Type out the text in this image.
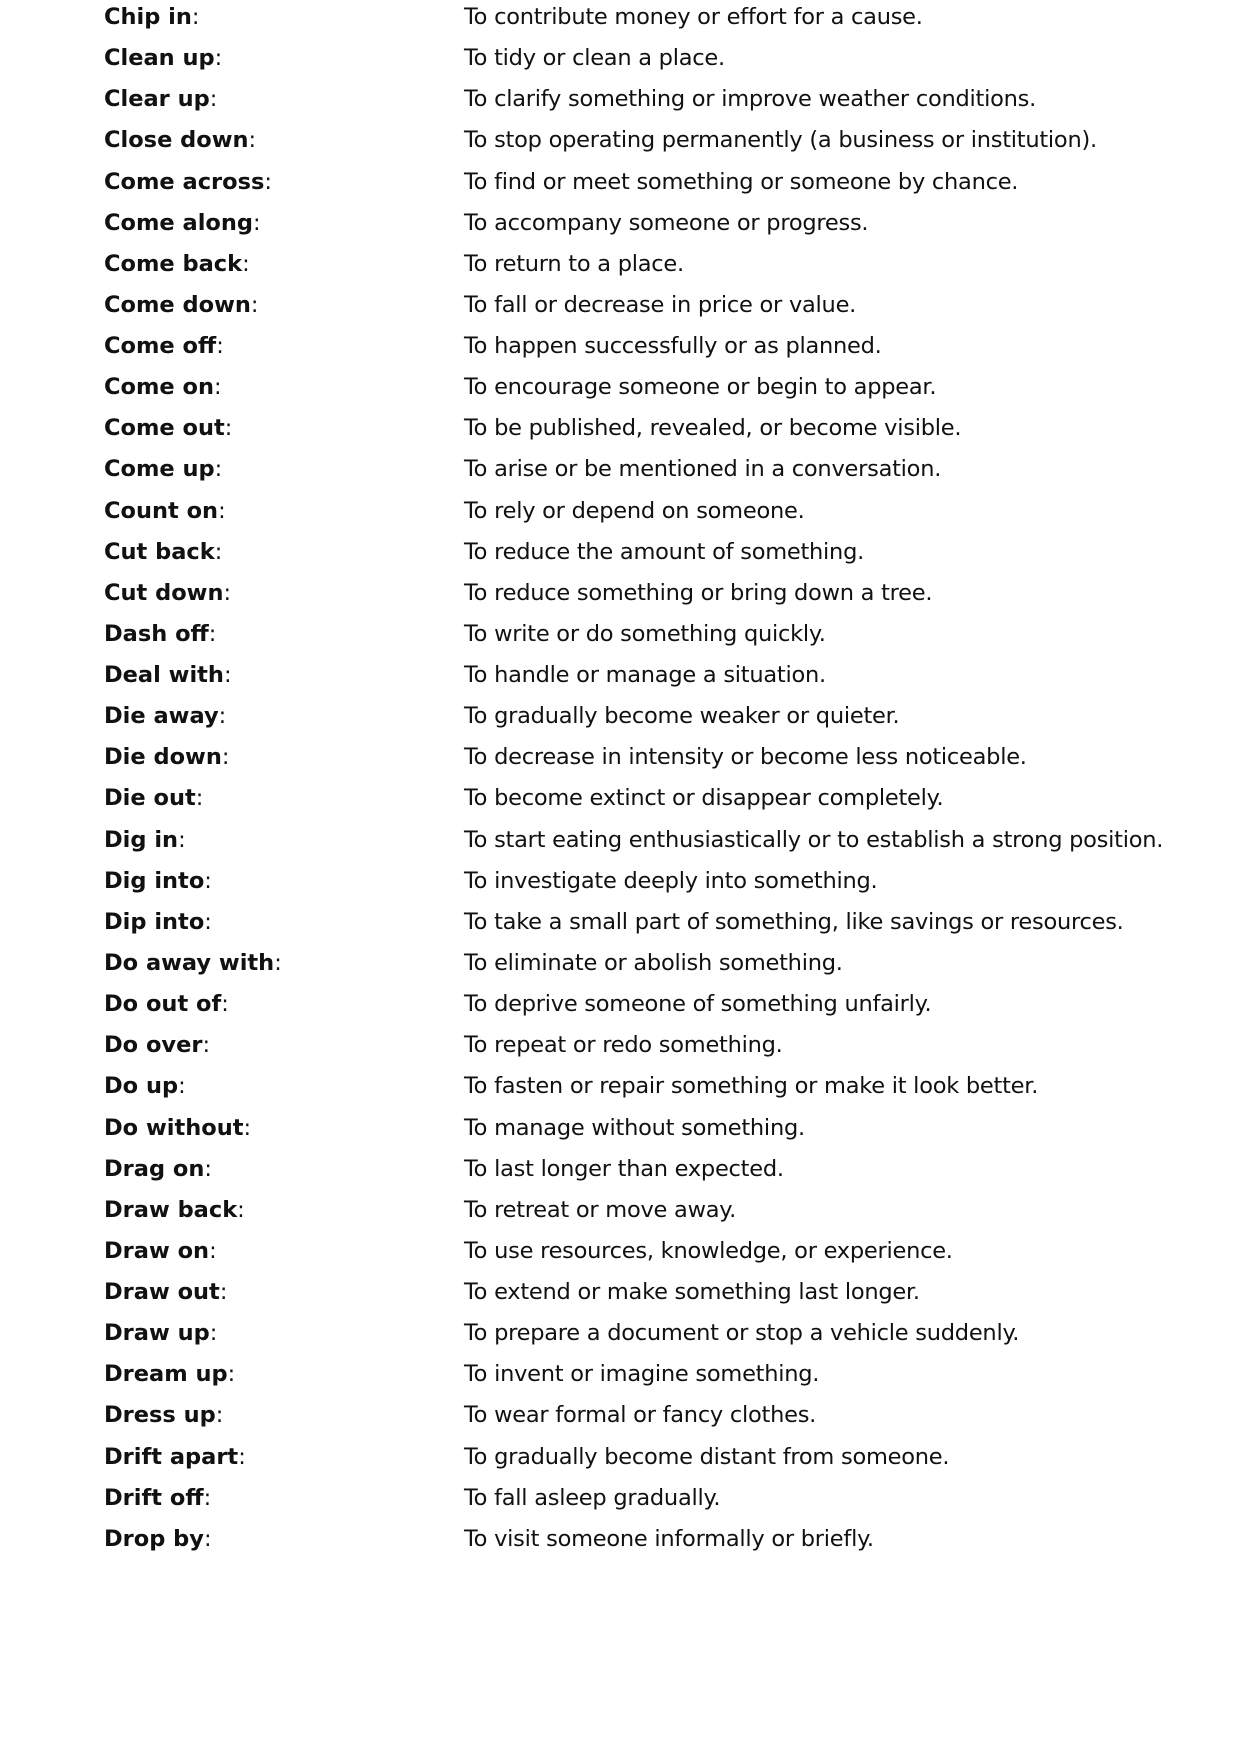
Chip in:	To contribute money or effort for a cause.
Clean up:	To tidy or clean a place.
Clear up:	To clarify something or improve weather conditions.
Close down:	To stop operating permanently (a business or institution).
Come across:	To find or meet something or someone by chance.
Come along:	To accompany someone or progress.
Come back:	To return to a place.
Come down:	To fall or decrease in price or value.
Come off:	To happen successfully or as planned.
Come on:	To encourage someone or begin to appear.
Come out:	To be published, revealed, or become visible.
Come up:	To arise or be mentioned in a conversation.
Count on:	To rely or depend on someone.
Cut back:	To reduce the amount of something.
Cut down:	To reduce something or bring down a tree.
Dash off:	To write or do something quickly.
Deal with:	To handle or manage a situation.
Die away:	To gradually become weaker or quieter.
Die down:	To decrease in intensity or become less noticeable.
Die out:	To become extinct or disappear completely.
Dig in:	To start eating enthusiastically or to establish a strong position.
Dig into:	To investigate deeply into something.
Dip into:	To take a small part of something, like savings or resources.
Do away with:	To eliminate or abolish something.
Do out of:	To deprive someone of something unfairly.
Do over:	To repeat or redo something.
Do up:	To fasten or repair something or make it look better.
Do without:	To manage without something.
Drag on:	To last longer than expected.
Draw back:	To retreat or move away.
Draw on:	To use resources, knowledge, or experience.
Draw out:	To extend or make something last longer.
Draw up:	To prepare a document or stop a vehicle suddenly.
Dream up:	To invent or imagine something.
Dress up:	To wear formal or fancy clothes.
Drift apart:	To gradually become distant from someone.
Drift off:	To fall asleep gradually.
Drop by:	To visit someone informally or briefly.
